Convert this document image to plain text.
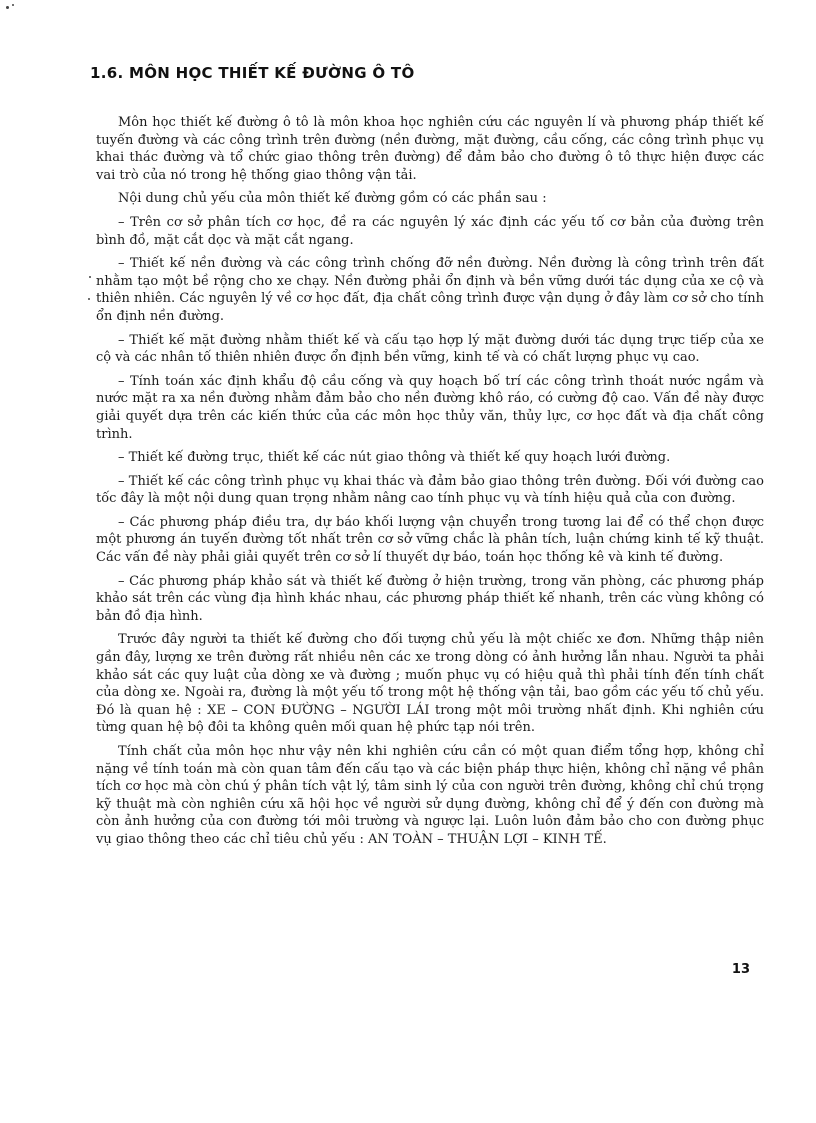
1.6. MÔN HỌC THIẾT KẾ ĐƯỜNG Ô TÔ

Môn học thiết kế đường ô tô là môn khoa học nghiên cứu các nguyên lí và phương pháp thiết kế tuyến đường và các công trình trên đường (nền đường, mặt đường, cầu cống, các công trình phục vụ khai thác đường và tổ chức giao thông trên đường) để đảm bảo cho đường ô tô thực hiện được các vai trò của nó trong hệ thống giao thông vận tải.

Nội dung chủ yếu của môn thiết kế đường gồm có các phần sau :

– Trên cơ sở phân tích cơ học, đề ra các nguyên lý xác định các yếu tố cơ bản của đường trên bình đồ, mặt cắt dọc và mặt cắt ngang.

– Thiết kế nền đường và các công trình chống đỡ nền đường. Nền đường là công trình trên đất nhằm tạo một bề rộng cho xe chạy. Nền đường phải ổn định và bền vững dưới tác dụng của xe cộ và thiên nhiên. Các nguyên lý về cơ học đất, địa chất công trình được vận dụng ở đây làm cơ sở cho tính ổn định nền đường.

– Thiết kế mặt đường nhằm thiết kế và cấu tạo hợp lý mặt đường dưới tác dụng trực tiếp của xe cộ và các nhân tố thiên nhiên được ổn định bền vững, kinh tế và có chất lượng phục vụ cao.

– Tính toán xác định khẩu độ cầu cống và quy hoạch bố trí các công trình thoát nước ngầm và nước mặt ra xa nền đường nhằm đảm bảo cho nền đường khô ráo, có cường độ cao. Vấn đề này được giải quyết dựa trên các kiến thức của các môn học thủy văn, thủy lực, cơ học đất và địa chất công trình.

– Thiết kế đường trục, thiết kế các nút giao thông và thiết kế quy hoạch lưới đường.

– Thiết kế các công trình phục vụ khai thác và đảm bảo giao thông trên đường. Đối với đường cao tốc đây là một nội dung quan trọng nhằm nâng cao tính phục vụ và tính hiệu quả của con đường.

– Các phương pháp điều tra, dự báo khối lượng vận chuyển trong tương lai để có thể chọn được một phương án tuyến đường tốt nhất trên cơ sở vững chắc là phân tích, luận chứng kinh tế kỹ thuật. Các vấn đề này phải giải quyết trên cơ sở lí thuyết dự báo, toán học thống kê và kinh tế đường.

– Các phương pháp khảo sát và thiết kế đường ở hiện trường, trong văn phòng, các phương pháp khảo sát trên các vùng địa hình khác nhau, các phương pháp thiết kế nhanh, trên các vùng không có bản đồ địa hình.

Trước đây người ta thiết kế đường cho đối tượng chủ yếu là một chiếc xe đơn. Những thập niên gần đây, lượng xe trên đường rất nhiều nên các xe trong dòng có ảnh hưởng lẫn nhau. Người ta phải khảo sát các quy luật của dòng xe và đường ; muốn phục vụ có hiệu quả thì phải tính đến tính chất của dòng xe. Ngoài ra, đường là một yếu tố trong một hệ thống vận tải, bao gồm các yếu tố chủ yếu. Đó là quan hệ : XE – CON ĐƯỜNG – NGƯỜI LÁI trong một môi trường nhất định. Khi nghiên cứu từng quan hệ bộ đôi ta không quên mối quan hệ phức tạp nói trên.

Tính chất của môn học như vậy nên khi nghiên cứu cần có một quan điểm tổng hợp, không chỉ nặng về tính toán mà còn quan tâm đến cấu tạo và các biện pháp thực hiện, không chỉ nặng về phân tích cơ học mà còn chú ý phân tích vật lý, tâm sinh lý của con người trên đường, không chỉ chú trọng kỹ thuật mà còn nghiên cứu xã hội học về người sử dụng đường, không chỉ để ý đến con đường mà còn ảnh hưởng của con đường tới môi trường và ngược lại. Luôn luôn đảm bảo cho con đường phục vụ giao thông theo các chỉ tiêu chủ yếu : AN TOÀN – THUẬN LỢI – KINH TẾ.

13
